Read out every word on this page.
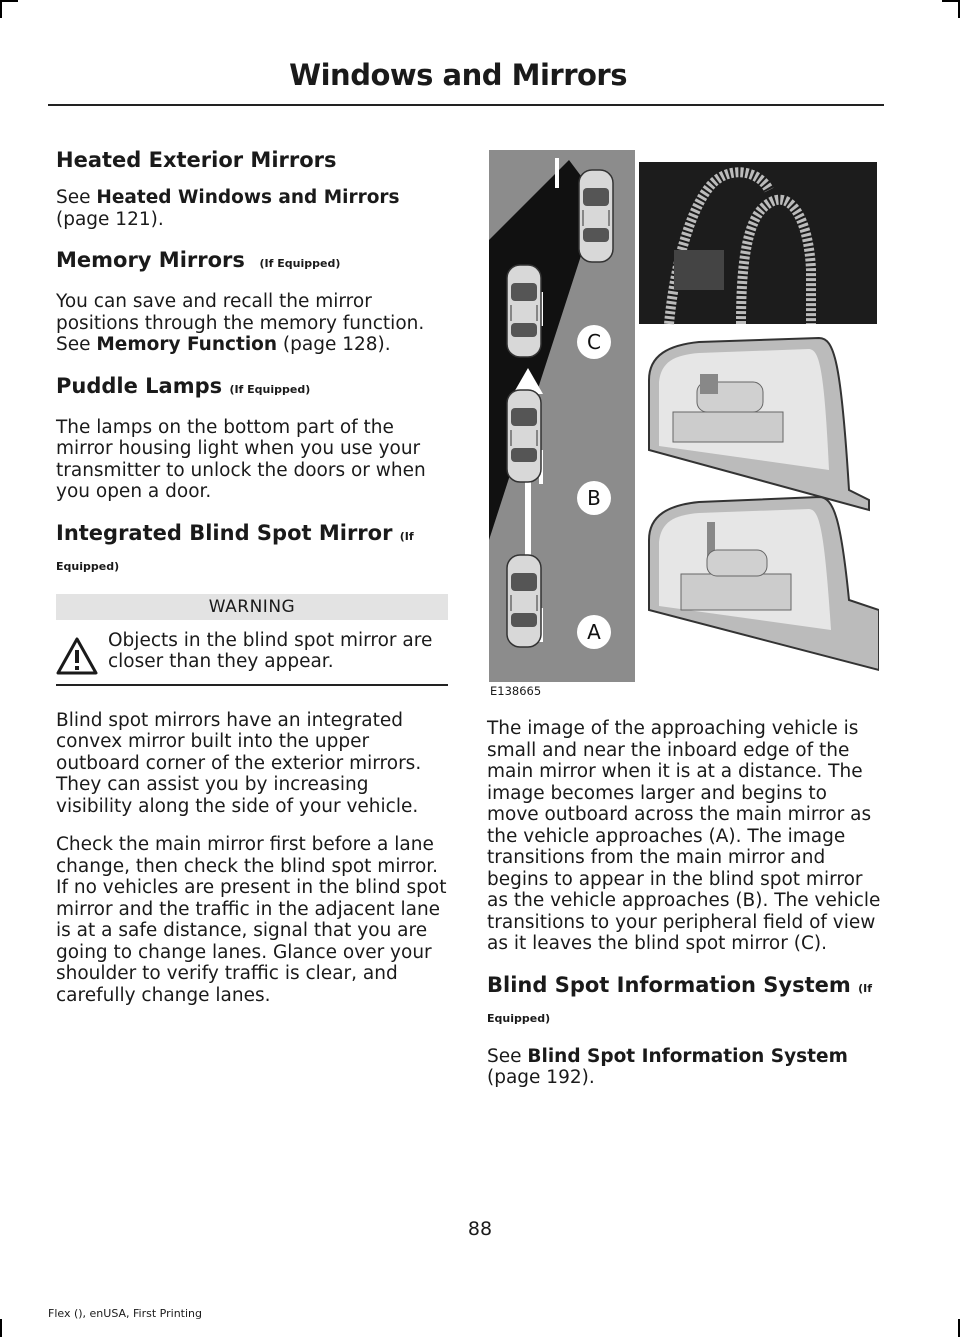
Windows and Mirrors
Heated Exterior Mirrors

See Heated Windows and Mirrors (page 121).

Memory Mirrors (If Equipped)

You can save and recall the mirror positions through the memory function. See Memory Function (page 128).

Puddle Lamps (If Equipped)

The lamps on the bottom part of the mirror housing light when you use your transmitter to unlock the doors or when you open a door.

Integrated Blind Spot Mirror (If Equipped)
WARNING
Objects in the blind spot mirror are closer than they appear.

Blind spot mirrors have an integrated convex mirror built into the upper outboard corner of the exterior mirrors. They can assist you by increasing visibility along the side of your vehicle.

Check the main mirror first before a lane change, then check the blind spot mirror. If no vehicles are present in the blind spot mirror and the traffic in the adjacent lane is at a safe distance, signal that you are going to change lanes. Glance over your shoulder to verify traffic is clear, and carefully change lanes.

C
B
A
E138665

The image of the approaching vehicle is small and near the inboard edge of the main mirror when it is at a distance. The image becomes larger and begins to move outboard across the main mirror as the vehicle approaches (A). The image transitions from the main mirror and begins to appear in the blind spot mirror as the vehicle approaches (B). The vehicle transitions to your peripheral field of view as it leaves the blind spot mirror (C).

Blind Spot Information System (If Equipped)

See Blind Spot Information System (page 192).

88
Flex (), enUSA, First Printing
